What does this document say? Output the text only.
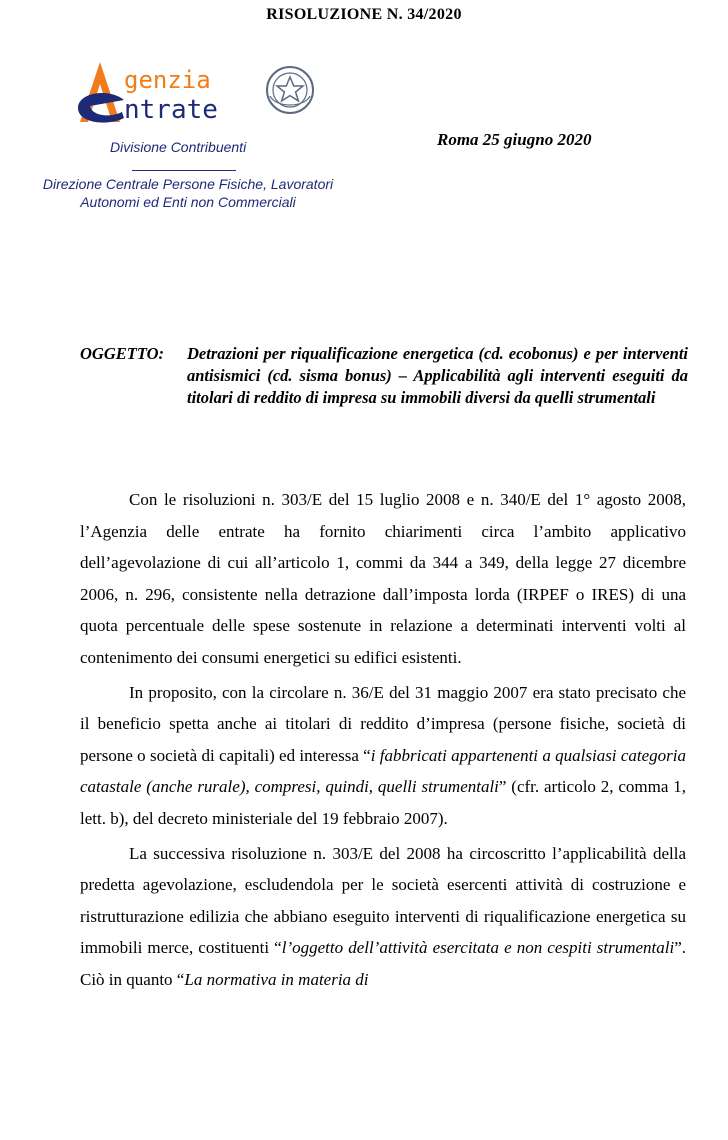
RISOLUZIONE N. 34/2020
genzia
ntrate
Divisione Contribuenti
Direzione Centrale Persone Fisiche, Lavoratori
Autonomi ed Enti non Commerciali
Roma 25 giugno 2020
OGGETTO: Detrazioni per riqualificazione energetica (cd. ecobonus) e per interventi antisismici (cd. sisma bonus) – Applicabilità agli interventi eseguiti da titolari di reddito di impresa su immobili diversi da quelli strumentali

Con le risoluzioni n. 303/E del 15 luglio 2008 e n. 340/E del 1° agosto 2008, l’Agenzia delle entrate ha fornito chiarimenti circa l’ambito applicativo dell’agevolazione di cui all’articolo 1, commi da 344 a 349, della legge 27 dicembre 2006, n. 296, consistente nella detrazione dall’imposta lorda (IRPEF o IRES) di una quota percentuale delle spese sostenute in relazione a determinati interventi volti al contenimento dei consumi energetici su edifici esistenti.

In proposito, con la circolare n. 36/E del 31 maggio 2007 era stato precisato che il beneficio spetta anche ai titolari di reddito d’impresa (persone fisiche, società di persone o società di capitali) ed interessa “i fabbricati appartenenti a qualsiasi categoria catastale (anche rurale), compresi, quindi, quelli strumentali” (cfr. articolo 2, comma 1, lett. b), del decreto ministeriale del 19 febbraio 2007).

La successiva risoluzione n. 303/E del 2008 ha circoscritto l’applicabilità della predetta agevolazione, escludendola per le società esercenti attività di costruzione e ristrutturazione edilizia che abbiano eseguito interventi di riqualificazione energetica su immobili merce, costituenti “l’oggetto dell’attività esercitata e non cespiti strumentali”. Ciò in quanto “La normativa in materia di
